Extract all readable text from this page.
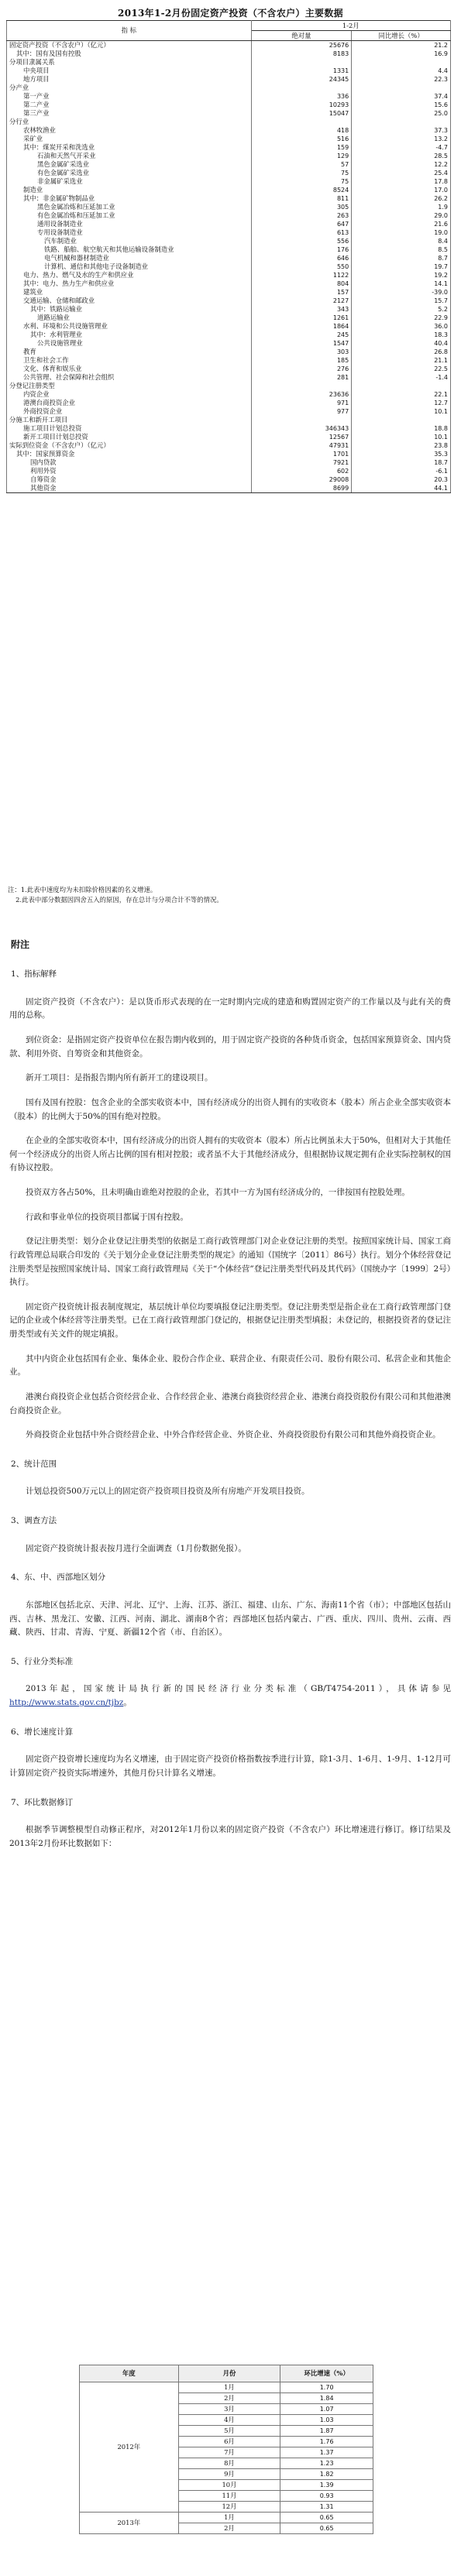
2013年1-2月份固定资产投资（不含农户）主要数据
指 标	1-2月	
	绝对量	同比增长（%）
固定资产投资（不含农户）（亿元）	25676	21.2
其中：国有及国有控股	8183	16.9
分项目隶属关系		
中央项目	1331	4.4
地方项目	24345	22.3
分产业		
第一产业	336	37.4
第二产业	10293	15.6
第三产业	15047	25.0
分行业		
农林牧渔业	418	37.3
采矿业	516	13.2
其中：煤炭开采和洗选业	159	-4.7
石油和天然气开采业	129	28.5
黑色金属矿采选业	57	12.2
有色金属矿采选业	75	25.4
非金属矿采选业	75	17.8
制造业	8524	17.0
其中：非金属矿物制品业	811	26.2
黑色金属冶炼和压延加工业	305	1.9
有色金属冶炼和压延加工业	263	29.0
通用设备制造业	647	21.6
专用设备制造业	613	19.0
汽车制造业	556	8.4
铁路、船舶、航空航天和其他运输设备制造业	176	8.5
电气机械和器材制造业	646	8.7
计算机、通信和其他电子设备制造业	550	19.7
电力、热力、燃气及水的生产和供应业	1122	19.2
其中：电力、热力生产和供应业	804	14.1
建筑业	157	-39.0
交通运输、仓储和邮政业	2127	15.7
其中：铁路运输业	343	5.2
道路运输业	1261	22.9
水利、环境和公共设施管理业	1864	36.0
其中：水利管理业	245	18.3
公共设施管理业	1547	40.4
教育	303	26.8
卫生和社会工作	185	21.1
文化、体育和娱乐业	276	22.5
公共管理、社会保障和社会组织	281	-1.4
分登记注册类型		
内资企业	23636	22.1
港澳台商投资企业	971	12.7
外商投资企业	977	10.1
分施工和新开工项目		
施工项目计划总投资	346343	18.8
新开工项目计划总投资	12567	10.1
实际到位资金（不含农户）（亿元）	47931	23.8
其中：国家预算资金	1701	35.3
国内贷款	7921	18.7
利用外资	602	-6.1
自筹资金	29008	20.3
其他资金	8699	44.1
注：1.此表中速度均为未扣除价格因素的名义增速。
2.此表中部分数据因四舍五入的原因，存在总计与分项合计不等的情况。
附注
1、指标解释

固定资产投资（不含农户）：是以货币形式表现的在一定时期内完成的建造和购置固定资产的工作量以及与此有关的费用的总称。

到位资金：是指固定资产投资单位在报告期内收到的，用于固定资产投资的各种货币资金，包括国家预算资金、国内贷款、利用外资、自筹资金和其他资金。

新开工项目：是指报告期内所有新开工的建设项目。

国有及国有控股：包含企业的全部实收资本中，国有经济成分的出资人拥有的实收资本（股本）所占企业全部实收资本（股本）的比例大于50%的国有绝对控股。

在企业的全部实收资本中，国有经济成分的出资人拥有的实收资本（股本）所占比例虽未大于50%，但相对大于其他任何一个经济成分的出资人所占比例的国有相对控股；或者虽不大于其他经济成分，但根据协议规定拥有企业实际控制权的国有协议控股。

投资双方各占50%，且未明确由谁绝对控股的企业，若其中一方为国有经济成分的，一律按国有控股处理。

行政和事业单位的投资项目都属于国有控股。

登记注册类型：划分企业登记注册类型的依据是工商行政管理部门对企业登记注册的类型。按照国家统计局、国家工商行政管理总局联合印发的《关于划分企业登记注册类型的规定》的通知（国统字〔2011〕86号）执行。划分个体经营登记注册类型是按照国家统计局、国家工商行政管理局《关于“个体经营”登记注册类型代码及其代码》（国统办字〔1999〕2号）执行。

固定资产投资统计报表制度规定，基层统计单位均要填报登记注册类型。登记注册类型是指企业在工商行政管理部门登记的企业或个体经营等注册类型。已在工商行政管理部门登记的，根据登记注册类型填报；未登记的，根据投资者的登记注册类型或有关文件的规定填报。

其中内资企业包括国有企业、集体企业、股份合作企业、联营企业、有限责任公司、股份有限公司、私营企业和其他企业。

港澳台商投资企业包括合资经营企业、合作经营企业、港澳台商独资经营企业、港澳台商投资股份有限公司和其他港澳台商投资企业。

外商投资企业包括中外合资经营企业、中外合作经营企业、外资企业、外商投资股份有限公司和其他外商投资企业。

2、统计范围

计划总投资500万元以上的固定资产投资项目投资及所有房地产开发项目投资。

3、调查方法

固定资产投资统计报表按月进行全面调查（1月份数据免报）。

4、东、中、西部地区划分

东部地区包括北京、天津、河北、辽宁、上海、江苏、浙江、福建、山东、广东、海南11个省（市）；中部地区包括山西、吉林、黑龙江、安徽、江西、河南、湖北、湖南8个省；西部地区包括内蒙古、广西、重庆、四川、贵州、云南、西藏、陕西、甘肃、青海、宁夏、新疆12个省（市、自治区）。

5、行业分类标准

2013年起，国家统计局执行新的国民经济行业分类标准（GB/T4754-2011），具体请参见http://www.stats.gov.cn/tjbz。

6、增长速度计算

固定资产投资增长速度均为名义增速，由于固定资产投资价格指数按季进行计算，除1-3月、1-6月、1-9月、1-12月可计算固定资产投资实际增速外，其他月份只计算名义增速。

7、环比数据修订

根据季节调整模型自动修正程序，对2012年1月份以来的固定资产投资（不含农户）环比增速进行修订。修订结果及2013年2月份环比数据如下：

年度	月份	环比增速（%）
2012年	1月	1.70
	2月	1.84
	3月	1.07
	4月	1.03
	5月	1.87
	6月	1.76
	7月	1.37
	8月	1.23
	9月	1.82
	10月	1.39
	11月	0.93
	12月	1.31
2013年	1月	0.65
	2月	0.65
